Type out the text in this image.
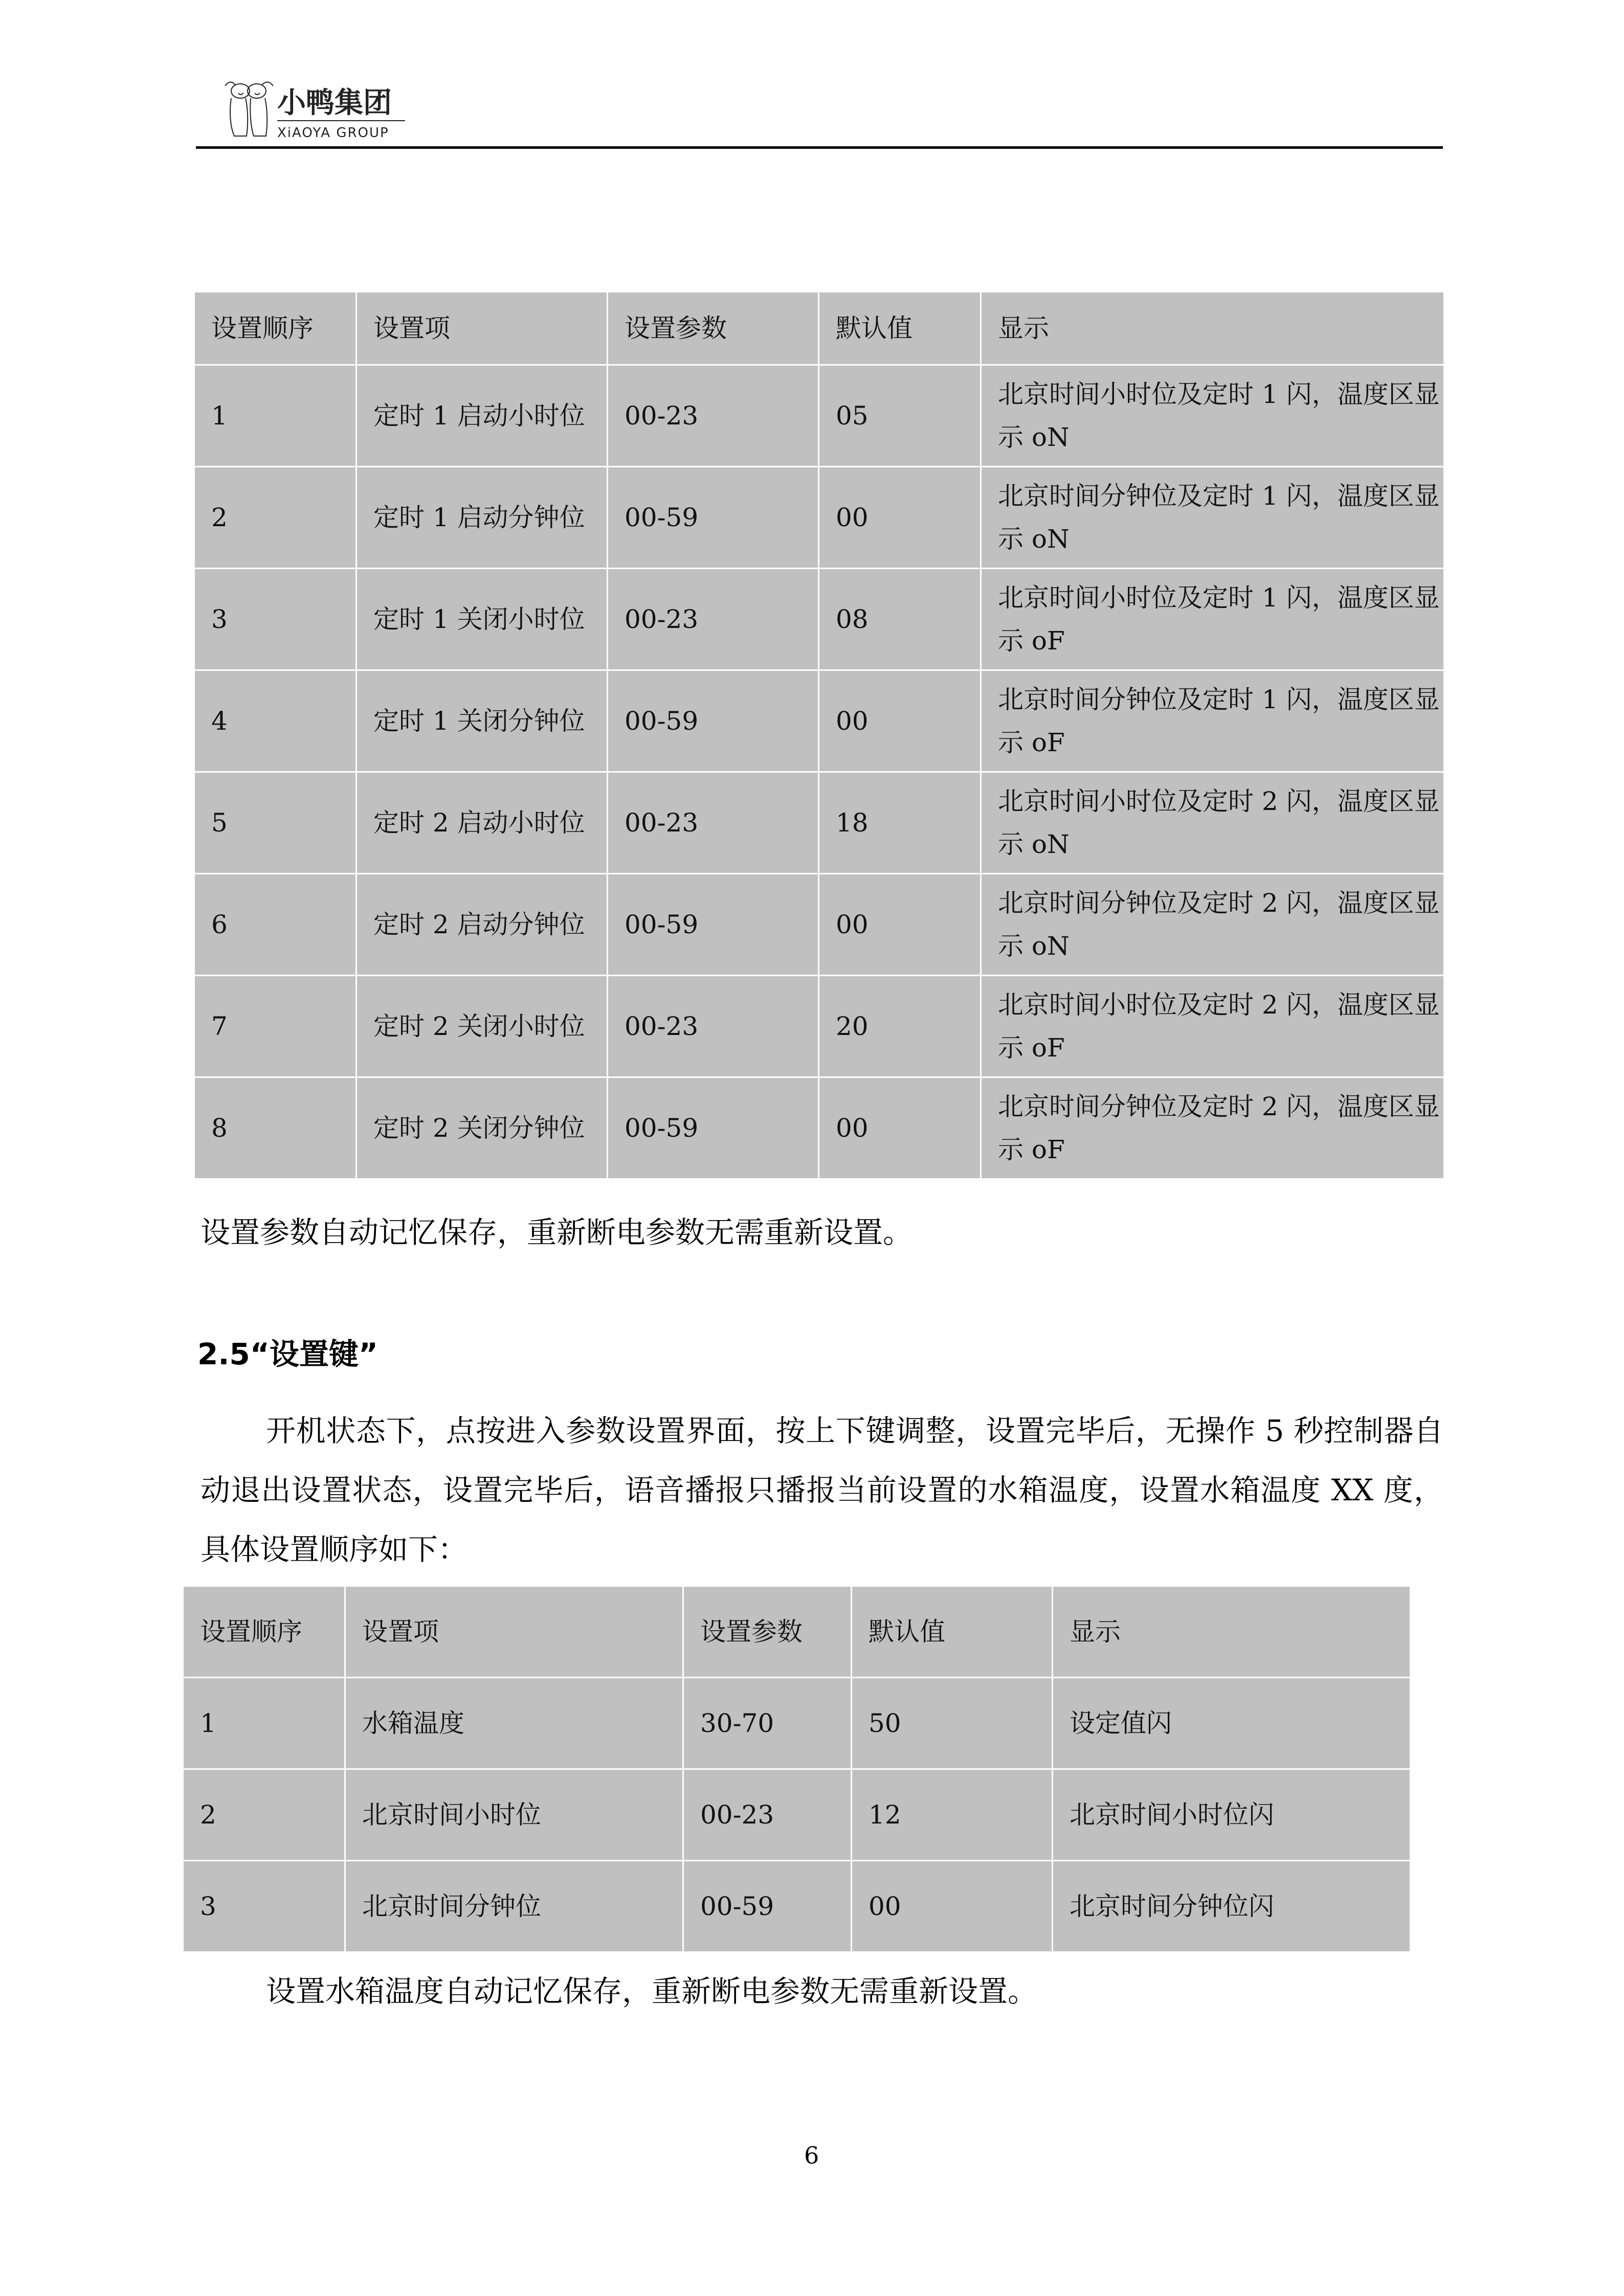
小鸭集团
XiAOYA GROUP
设置顺序	设置项	设置参数	默认值	显示
1	定时 1 启动小时位	00-23	05	北京时间小时位及定时 1 闪，温度区显示 oN
2	定时 1 启动分钟位	00-59	00	北京时间分钟位及定时 1 闪，温度区显示 oN
3	定时 1 关闭小时位	00-23	08	北京时间小时位及定时 1 闪，温度区显示 oF
4	定时 1 关闭分钟位	00-59	00	北京时间分钟位及定时 1 闪，温度区显示 oF
5	定时 2 启动小时位	00-23	18	北京时间小时位及定时 2 闪，温度区显示 oN
6	定时 2 启动分钟位	00-59	00	北京时间分钟位及定时 2 闪，温度区显示 oN
7	定时 2 关闭小时位	00-23	20	北京时间小时位及定时 2 闪，温度区显示 oF
8	定时 2 关闭分钟位	00-59	00	北京时间分钟位及定时 2 闪，温度区显示 oF
设置参数自动记忆保存，重新断电参数无需重新设置。
2.5“设置键”
开机状态下，点按进入参数设置界面，按上下键调整，设置完毕后，无操作 5 秒控制器自动退出设置状态，设置完毕后，语音播报只播报当前设置的水箱温度，设置水箱温度 XX 度，具体设置顺序如下：
设置顺序	设置项	设置参数	默认值	显示
1	水箱温度	30-70	50	设定值闪
2	北京时间小时位	00-23	12	北京时间小时位闪
3	北京时间分钟位	00-59	00	北京时间分钟位闪
设置水箱温度自动记忆保存，重新断电参数无需重新设置。
6
